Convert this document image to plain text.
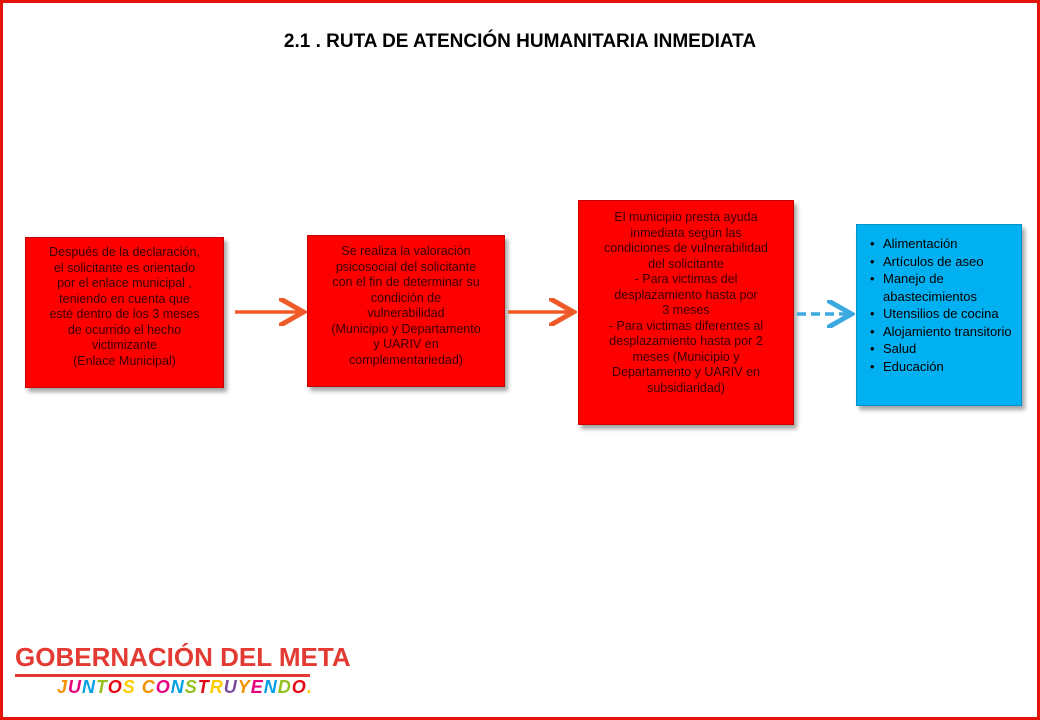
2.1 . RUTA DE ATENCIÓN HUMANITARIA INMEDIATA
Después de la declaración,
el solicitante es orientado
por el enlace municipal ,
teniendo en cuenta que
esté dentro de los 3 meses
de ocurrido el hecho
victimizante
(Enlace Municipal)
Se realiza la valoración
psicosocial del solicitante
con el fin de determinar su
condición de
vulnerabilidad
(Municipio y Departamento
y UARIV en
complementariedad)
El municipio presta ayuda
inmediata según las
condiciones de vulnerabilidad
del solicitante
- Para victimas del
desplazamiento hasta por
3 meses
- Para victimas diferentes al
desplazamiento hasta por 2
meses (Municipio y
Departamento y UARIV en
subsidiaridad)
• Alimentación
• Artículos de aseo
• Manejo de abastecimientos
• Utensilios de cocina
• Alojamiento transitorio
• Salud
• Educación
GOBERNACIÓN DEL META
JUNTOS CONSTRUYENDO.
